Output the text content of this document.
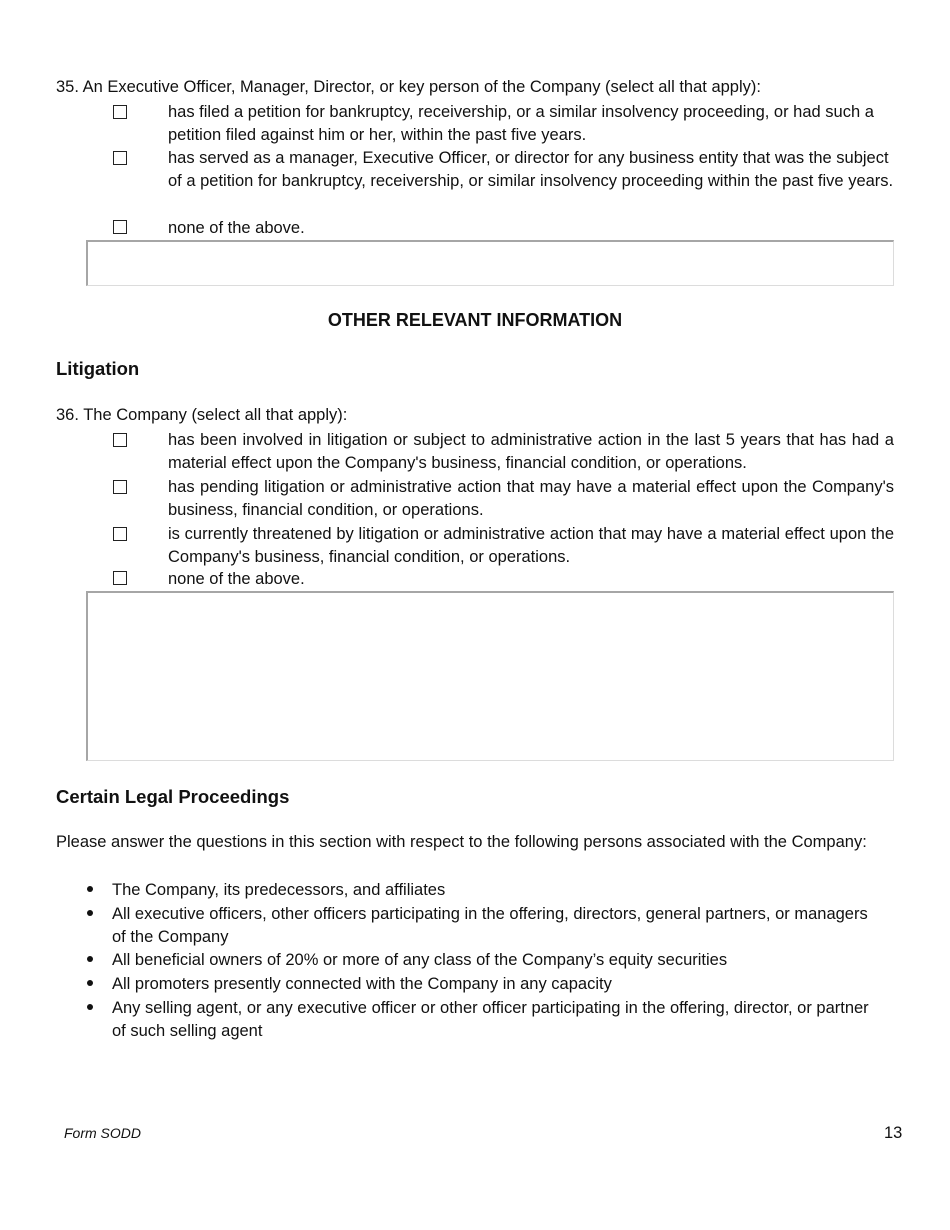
35. An Executive Officer, Manager, Director, or key person of the Company (select all that apply):
has filed a petition for bankruptcy, receivership, or a similar insolvency proceeding, or had such a petition filed against him or her, within the past five years.
has served as a manager, Executive Officer, or director for any business entity that was the subject of a petition for bankruptcy, receivership, or similar insolvency proceeding within the past five years.
none of the above.
OTHER RELEVANT INFORMATION
Litigation
36. The Company (select all that apply):
has been involved in litigation or subject to administrative action in the last 5 years that has had a material effect upon the Company's business, financial condition, or operations.
has pending litigation or administrative action that may have a material effect upon the Company's business, financial condition, or operations.
is currently threatened by litigation or administrative action that may have a material effect upon the Company's business, financial condition, or operations.
none of the above.
Certain Legal Proceedings
Please answer the questions in this section with respect to the following persons associated with the Company:
The Company, its predecessors, and affiliates
All executive officers, other officers participating in the offering, directors, general partners, or managers of the Company
All beneficial owners of 20% or more of any class of the Company’s equity securities
All promoters presently connected with the Company in any capacity
Any selling agent, or any executive officer or other officer participating in the offering, director, or partner of such selling agent
Form SODD	13
